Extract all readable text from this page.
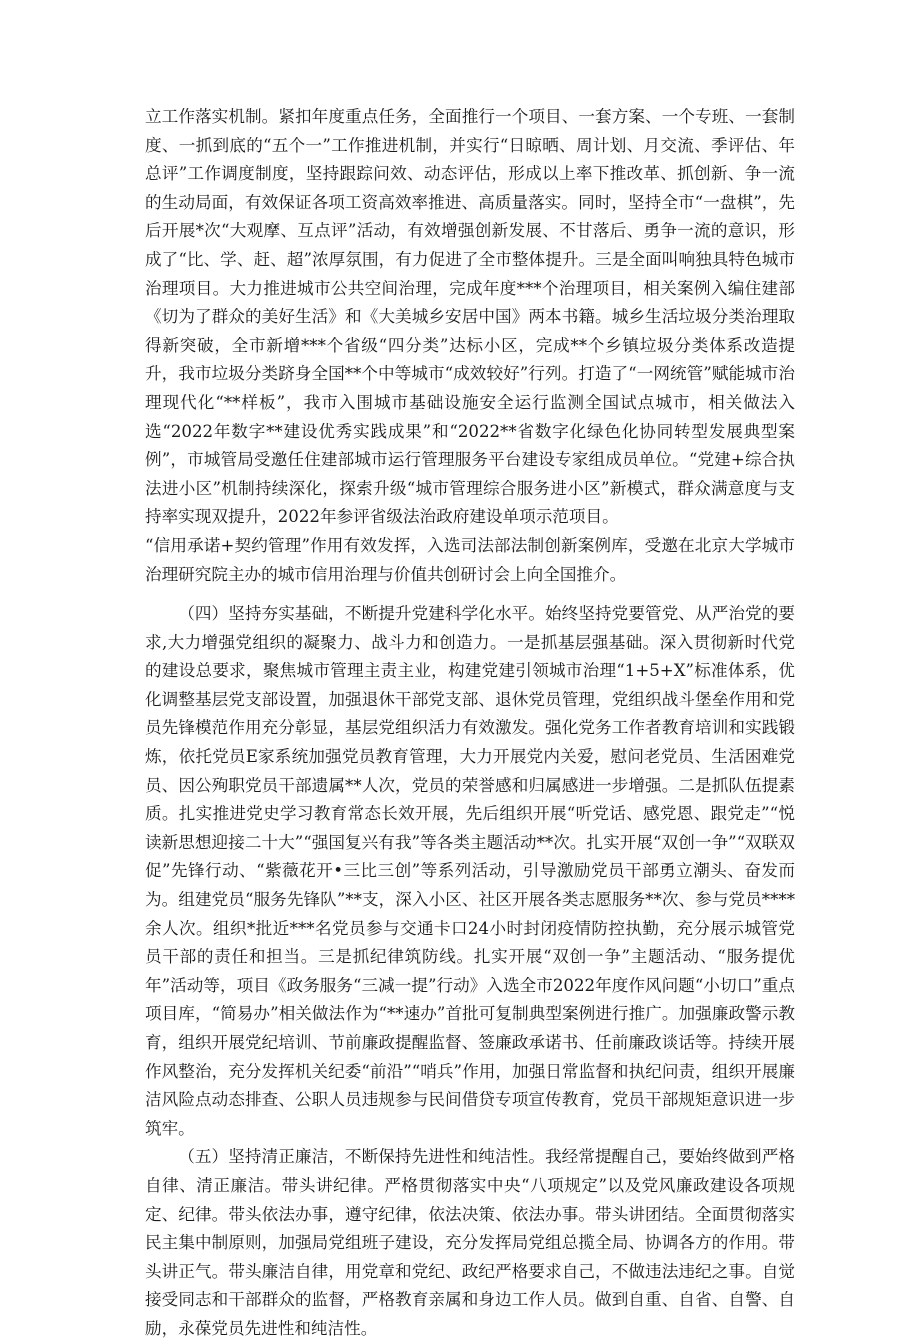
立工作落实机制。紧扣年度重点任务，全面推行一个项目、一套方案、一个专班、一套制度、一抓到底的“五个一”工作推进机制，并实行“日晾晒、周计划、月交流、季评估、年总评”工作调度制度，坚持跟踪问效、动态评估，形成以上率下推改革、抓创新、争一流的生动局面，有效保证各项工资高效率推进、高质量落实。同时，坚持全市“一盘棋”，先后开展*次“大观摩、互点评”活动，有效增强创新发展、不甘落后、勇争一流的意识，形成了“比、学、赶、超”浓厚氛围，有力促进了全市整体提升。三是全面叫响独具特色城市治理项目。大力推进城市公共空间治理，完成年度***个治理项目，相关案例入编住建部《切为了群众的美好生活》和《大美城乡安居中国》两本书籍。城乡生活垃圾分类治理取得新突破，全市新增***个省级“四分类”达标小区，完成**个乡镇垃圾分类体系改造提升，我市垃圾分类跻身全国**个中等城市“成效较好”行列。打造了“一网统管”赋能城市治理现代化“**样板”，我市入围城市基础设施安全运行监测全国试点城市，相关做法入选“2022年数字**建设优秀实践成果”和“2022**省数字化绿色化协同转型发展典型案例”，市城管局受邀任住建部城市运行管理服务平台建设专家组成员单位。“党建+综合执法进小区”机制持续深化，探索升级“城市管理综合服务进小区”新模式，群众满意度与支持率实现双提升，2022年参评省级法治政府建设单项示范项目。

“信用承诺+契约管理”作用有效发挥，入选司法部法制创新案例库，受邀在北京大学城市治理研究院主办的城市信用治理与价值共创研讨会上向全国推介。

（四）坚持夯实基础，不断提升党建科学化水平。始终坚持党要管党、从严治党的要求,大力增强党组织的凝聚力、战斗力和创造力。一是抓基层强基础。深入贯彻新时代党的建设总要求，聚焦城市管理主责主业，构建党建引领城市治理“1+5+X”标准体系，优化调整基层党支部设置，加强退休干部党支部、退休党员管理，党组织战斗堡垒作用和党员先锋模范作用充分彰显，基层党组织活力有效激发。强化党务工作者教育培训和实践锻炼，依托党员E家系统加强党员教育管理，大力开展党内关爱，慰问老党员、生活困难党员、因公殉职党员干部遗属**人次，党员的荣誉感和归属感进一步增强。二是抓队伍提素质。扎实推进党史学习教育常态长效开展，先后组织开展“听党话、感党恩、跟党走”“悦读新思想迎接二十大”“强国复兴有我”等各类主题活动**次。扎实开展“双创一争”“双联双促”先锋行动、“紫薇花开•三比三创”等系列活动，引导激励党员干部勇立潮头、奋发而为。组建党员“服务先锋队”**支，深入小区、社区开展各类志愿服务**次、参与党员****余人次。组织*批近***名党员参与交通卡口24小时封闭疫情防控执勤，充分展示城管党员干部的责任和担当。三是抓纪律筑防线。扎实开展“双创一争”主题活动、“服务提优年”活动等，项目《政务服务“三减一提”行动》入选全市2022年度作风问题“小切口”重点项目库，“简易办”相关做法作为“**速办”首批可复制典型案例进行推广。加强廉政警示教育，组织开展党纪培训、节前廉政提醒监督、签廉政承诺书、任前廉政谈话等。持续开展作风整治，充分发挥机关纪委“前沿”“哨兵”作用，加强日常监督和执纪问责，组织开展廉洁风险点动态排查、公职人员违规参与民间借贷专项宣传教育，党员干部规矩意识进一步筑牢。

（五）坚持清正廉洁，不断保持先进性和纯洁性。我经常提醒自己，要始终做到严格自律、清正廉洁。带头讲纪律。严格贯彻落实中央“八项规定”以及党风廉政建设各项规定、纪律。带头依法办事，遵守纪律，依法决策、依法办事。带头讲团结。全面贯彻落实民主集中制原则，加强局党组班子建设，充分发挥局党组总揽全局、协调各方的作用。带头讲正气。带头廉洁自律，用党章和党纪、政纪严格要求自己，不做违法违纪之事。自觉接受同志和干部群众的监督，严格教育亲属和身边工作人员。做到自重、自省、自警、自励，永葆党员先进性和纯洁性。
